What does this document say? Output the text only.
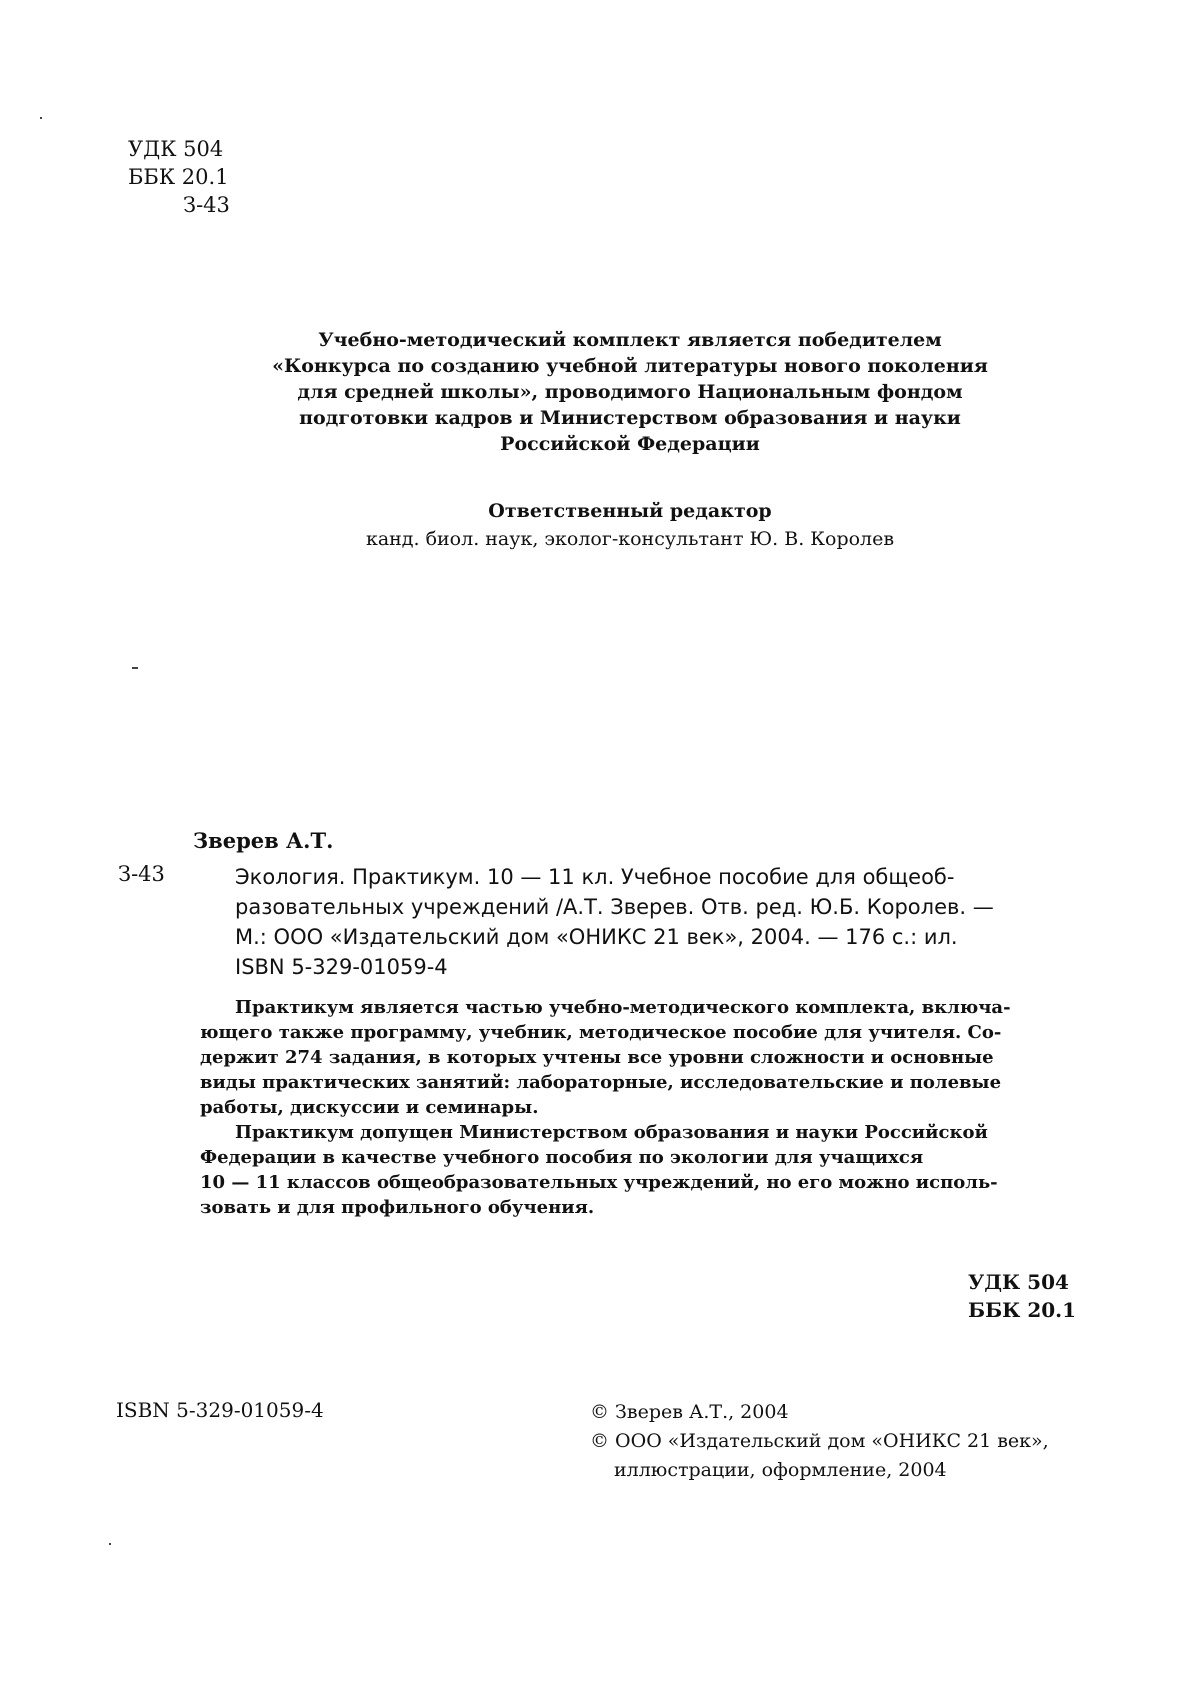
УДК 504
ББК 20.1
З-43
Учебно-методический комплект является победителем
«Конкурса по созданию учебной литературы нового поколения
для средней школы», проводимого Национальным фондом
подготовки кадров и Министерством образования и науки
Российской Федерации
Ответственный редактор
канд. биол. наук, эколог-консультант Ю. В. Королев
Зверев А.Т.
З-43	Экология. Практикум. 10 — 11 кл. Учебное пособие для общеоб-
разовательных учреждений /А.Т. Зверев. Отв. ред. Ю.Б. Королев. —
М.: ООО «Издательский дом «ОНИКС 21 век», 2004. — 176 с.: ил.
ISBN 5-329-01059-4
Практикум является частью учебно-методического комплекта, включа-
ющего также программу, учебник, методическое пособие для учителя. Со-
держит 274 задания, в которых учтены все уровни сложности и основные
виды практических занятий: лабораторные, исследовательские и полевые
работы, дискуссии и семинары.
Практикум допущен Министерством образования и науки Российской
Федерации в качестве учебного пособия по экологии для учащихся
10 — 11 классов общеобразовательных учреждений, но его можно исполь-
зовать и для профильного обучения.
УДК 504
ББК 20.1
ISBN 5-329-01059-4	© Зверев А.Т., 2004
© ООО «Издательский дом «ОНИКС 21 век»,
иллюстрации, оформление, 2004
